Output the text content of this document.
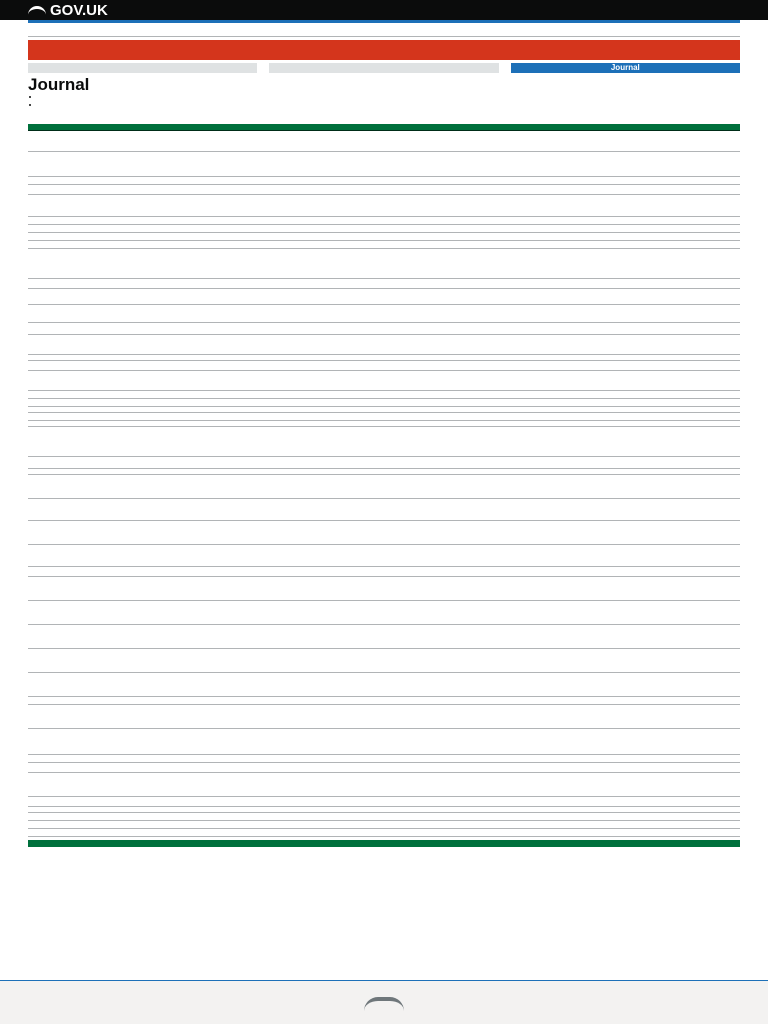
GOV.UK
Journal
Journal
•
•
